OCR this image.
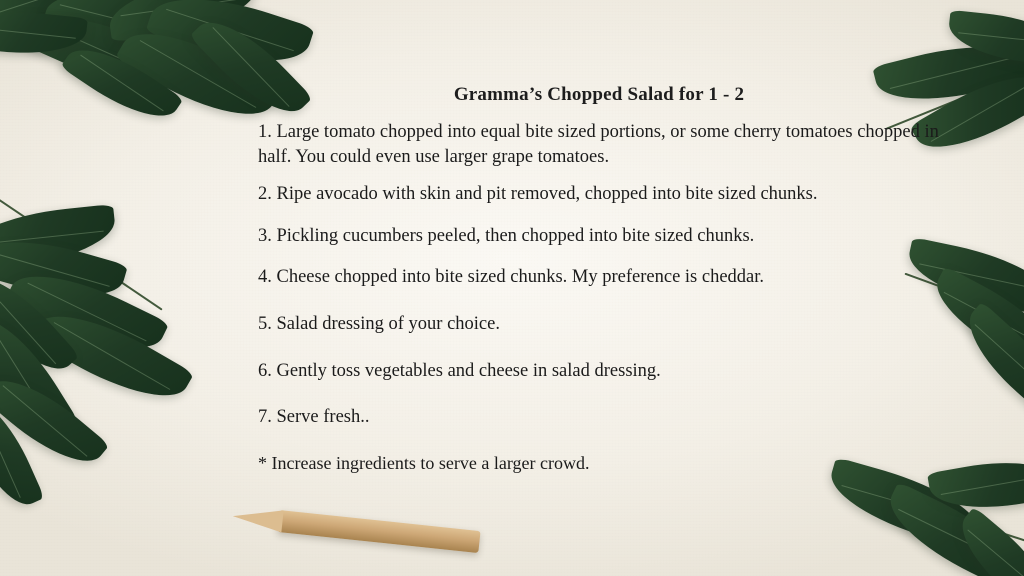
Gramma’s Chopped Salad for 1 - 2

1. Large tomato chopped into equal bite sized portions, or some cherry tomatoes chopped in half. You could even use larger grape tomatoes.

2. Ripe avocado with skin and pit removed, chopped into bite sized chunks.

3. Pickling cucumbers peeled, then chopped into bite sized chunks.

4. Cheese chopped into bite sized chunks. My preference is cheddar.

5. Salad dressing of your choice.

6. Gently toss vegetables and cheese in salad dressing.

7. Serve fresh..

* Increase ingredients to serve a larger crowd.
